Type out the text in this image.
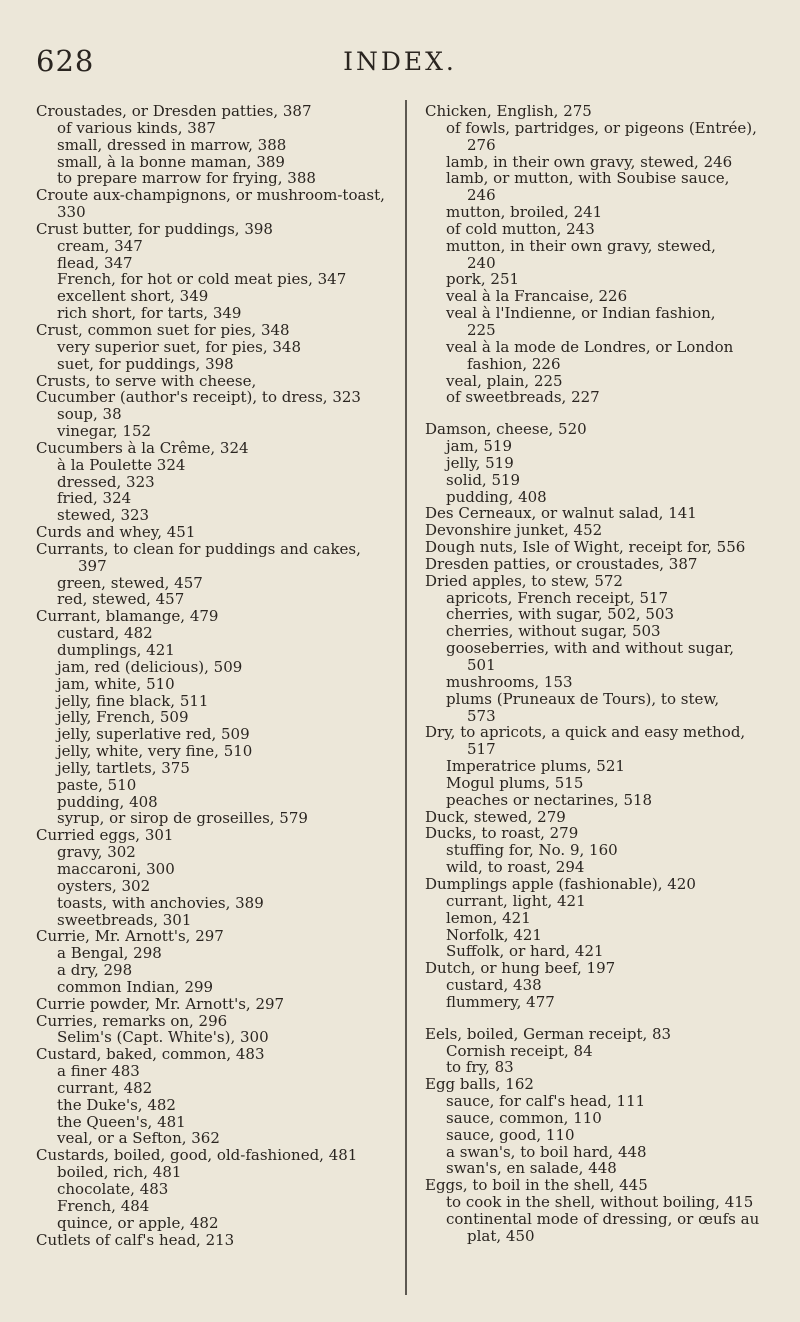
628	INDEX.
Croustades, or Dresden patties, 387
of various kinds, 387
small, dressed in marrow, 388
small, à la bonne maman, 389
to prepare marrow for frying, 388
Croute aux-champignons, or mushroom-toast,
330
Crust butter, for puddings, 398
cream, 347
flead, 347
French, for hot or cold meat pies, 347
excellent short, 349
rich short, for tarts, 349
Crust, common suet for pies, 348
very superior suet, for pies, 348
suet, for puddings, 398
Crusts, to serve with cheese,
Cucumber (author's receipt), to dress, 323
soup, 38
vinegar, 152
Cucumbers à la Crême, 324
à la Poulette 324
dressed, 323
fried, 324
stewed, 323
Curds and whey, 451
Currants, to clean for puddings and cakes,
397
green, stewed, 457
red, stewed, 457
Currant, blamange, 479
custard, 482
dumplings, 421
jam, red (delicious), 509
jam, white, 510
jelly, fine black, 511
jelly, French, 509
jelly, superlative red, 509
jelly, white, very fine, 510
jelly, tartlets, 375
paste, 510
pudding, 408
syrup, or sirop de groseilles, 579
Curried eggs, 301
gravy, 302
maccaroni, 300
oysters, 302
toasts, with anchovies, 389
sweetbreads, 301
Currie, Mr. Arnott's, 297
a Bengal, 298
a dry, 298
common Indian, 299
Currie powder, Mr. Arnott's, 297
Curries, remarks on, 296
Selim's (Capt. White's), 300
Custard, baked, common, 483
a finer 483
currant, 482
the Duke's, 482
the Queen's, 481
veal, or a Sefton, 362
Custards, boiled, good, old-fashioned, 481
boiled, rich, 481
chocolate, 483
French, 484
quince, or apple, 482
Cutlets of calf's head, 213
Chicken, English, 275
of fowls, partridges, or pigeons (Entrée),
276
lamb, in their own gravy, stewed, 246
lamb, or mutton, with Soubise sauce,
246
mutton, broiled, 241
of cold mutton, 243
mutton, in their own gravy, stewed,
240
pork, 251
veal à la Francaise, 226
veal à l'Indienne, or Indian fashion,
225
veal à la mode de Londres, or London
fashion, 226
veal, plain, 225
of sweetbreads, 227
Damson, cheese, 520
jam, 519
jelly, 519
solid, 519
pudding, 408
Des Cerneaux, or walnut salad, 141
Devonshire junket, 452
Dough nuts, Isle of Wight, receipt for, 556
Dresden patties, or croustades, 387
Dried apples, to stew, 572
apricots, French receipt, 517
cherries, with sugar, 502, 503
cherries, without sugar, 503
gooseberries, with and without sugar,
501
mushrooms, 153
plums (Pruneaux de Tours), to stew,
573
Dry, to apricots, a quick and easy method,
517
Imperatrice plums, 521
Mogul plums, 515
peaches or nectarines, 518
Duck, stewed, 279
Ducks, to roast, 279
stuffing for, No. 9, 160
wild, to roast, 294
Dumplings apple (fashionable), 420
currant, light, 421
lemon, 421
Norfolk, 421
Suffolk, or hard, 421
Dutch, or hung beef, 197
custard, 438
flummery, 477
Eels, boiled, German receipt, 83
Cornish receipt, 84
to fry, 83
Egg balls, 162
sauce, for calf's head, 111
sauce, common, 110
sauce, good, 110
a swan's, to boil hard, 448
swan's, en salade, 448
Eggs, to boil in the shell, 445
to cook in the shell, without boiling, 415
continental mode of dressing, or œufs au
plat, 450
